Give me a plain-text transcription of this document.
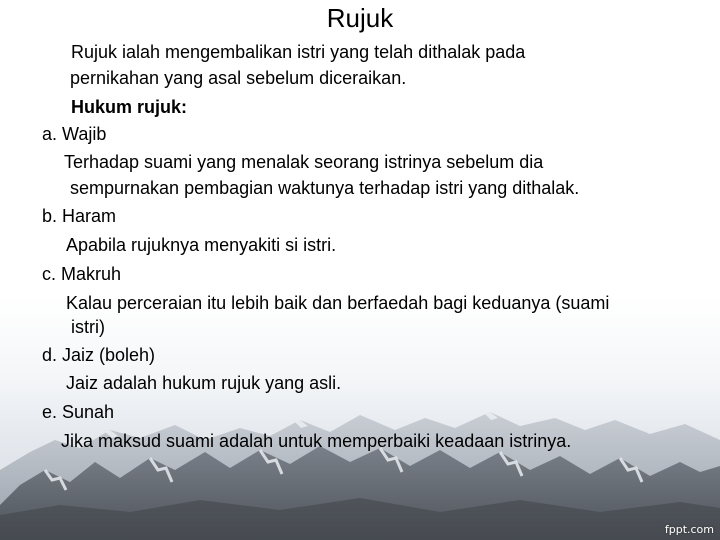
Rujuk
Rujuk ialah mengembalikan istri yang telah dithalak pada
pernikahan yang asal sebelum diceraikan.
Hukum rujuk:
a. Wajib
Terhadap suami yang menalak seorang istrinya sebelum dia
sempurnakan pembagian waktunya terhadap istri yang dithalak.
b. Haram
Apabila rujuknya menyakiti si istri.
c. Makruh
Kalau perceraian itu lebih baik dan berfaedah bagi keduanya (suami
istri)
d. Jaiz (boleh)
Jaiz adalah hukum rujuk yang asli.
e. Sunah
Jika maksud suami adalah untuk memperbaiki keadaan istrinya.
fppt.com
